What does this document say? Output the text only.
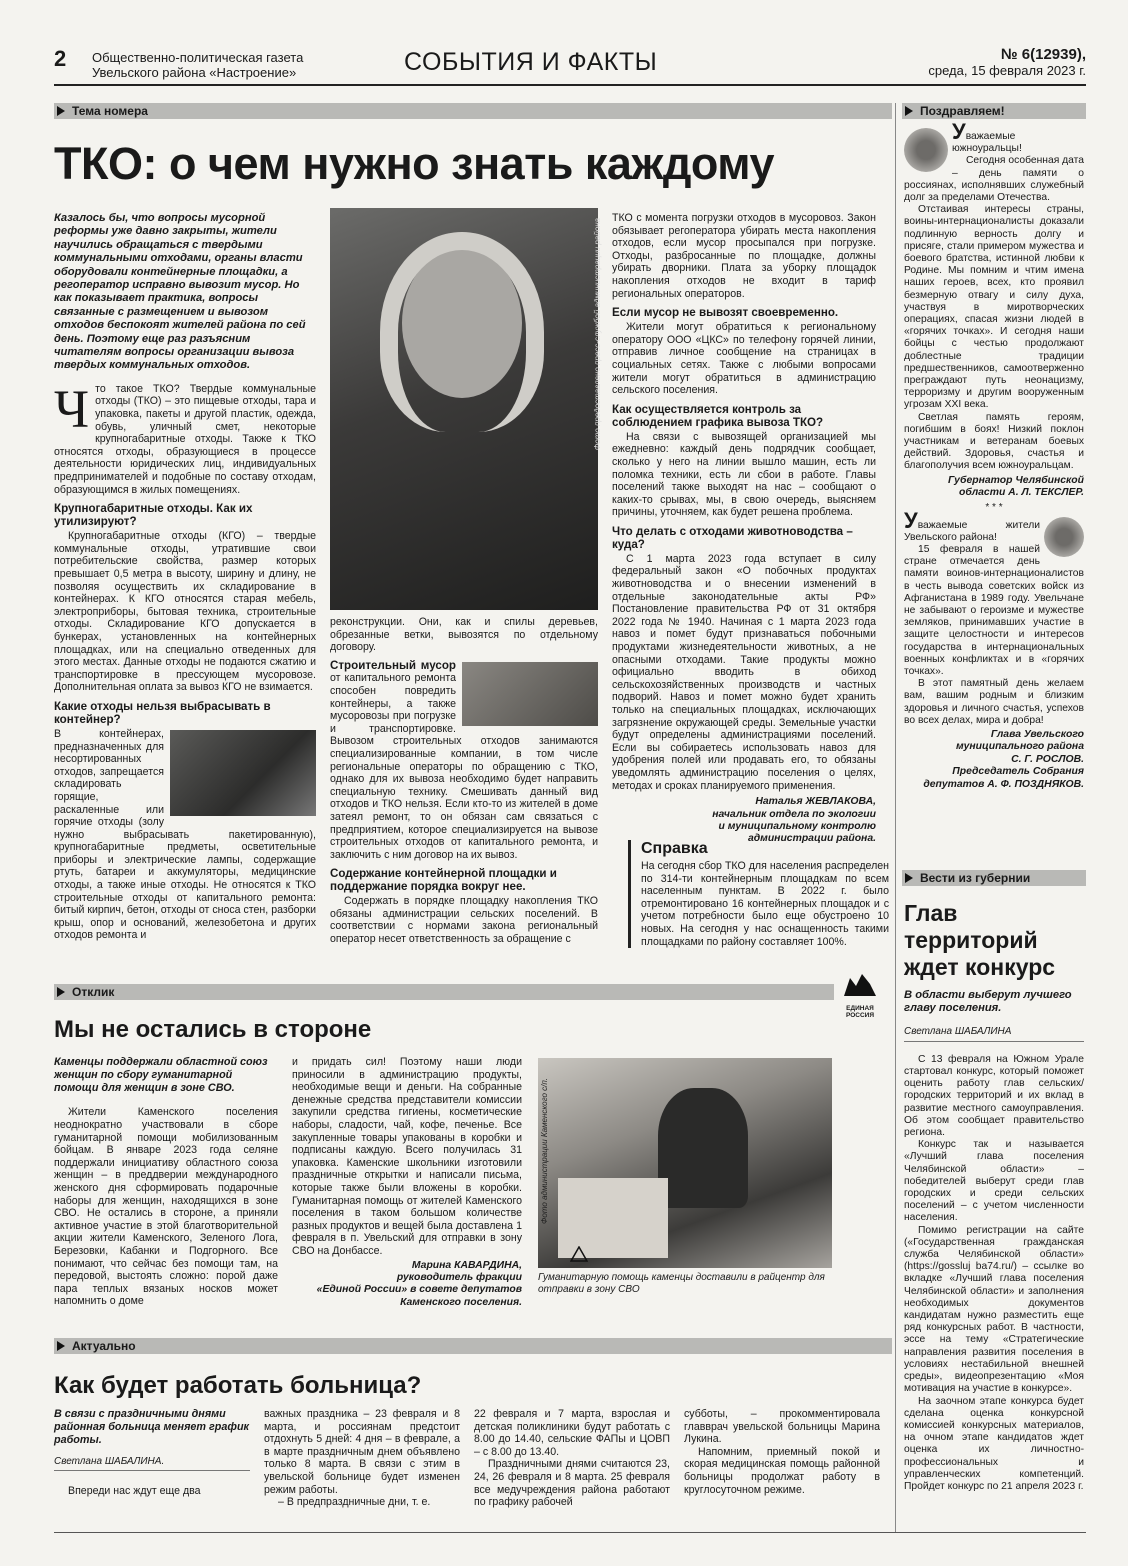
2 Общественно-политическая газета
Увельского района «Настроение»	СОБЫТИЯ И ФАКТЫ	№ 6(12939),
среда, 15 февраля 2023 г.
Тема номера	Поздравляем!
Отклик
Вести из губернии
Актуально
ТКО: о чем нужно знать каждому
Казалось бы, что вопросы мусорной реформы уже давно закрыты, жители научились обращаться с твердыми коммунальными отходами, органы власти оборудовали контейнерные площадки, а регоператор исправно вывозит мусор. Но как показывает практика, вопросы связанные с размещением и вывозом отходов беспокоят жителей района по сей день. Поэтому еще раз разъясним читателям вопросы организации вывоза твердых коммунальных отходов.
Ч то такое ТКО? Твердые коммунальные отходы (ТКО) – это пищевые отходы, тара и упаковка, пакеты и другой пластик, одежда, обувь, уличный смет, некоторые крупногабаритные отходы. Также к ТКО относятся отходы, образующиеся в процессе деятельности юридических лиц, индивидуальных предпринимателей и подобные по составу отходам, образующимся в жилых помещениях.
Крупногабаритные отходы. Как их утилизируют?

Крупногабаритные отходы (КГО) – твердые коммунальные отходы, утратившие свои потребительские свойства, размер которых превышает 0,5 метра в высоту, ширину и длину, не позволяя осуществить их складирование в контейнерах. К КГО относятся старая мебель, электроприборы, бытовая техника, строительные отходы. Складирование КГО допускается в бункерах, установленных на контейнерных площадках, или на специально отведенных для этого местах. Данные отходы не подаются сжатию и транспортировке в прессующем мусоровозе. Дополнительная оплата за вывоз КГО не взимается.

Какие отходы нельзя выбрасывать в контейнер?
В контейнерах, предназначенных для несортированных отходов, запрещается складировать горящие, раскаленные или горячие отходы (золу нужно выбрасывать пакетированную), крупногабаритные предметы, осветительные приборы и электрические лампы, содержащие ртуть, батареи и аккумуляторы, медицинские отходы, а также иные отходы. Не относятся к ТКО строительные отходы от капитального ремонта: битый кирпич, бетон, отходы от сноса стен, разборки крыш, опор и оснований, железобетона и других отходов ремонта и
Фото предоставлено пресс-службой администрации района
реконструкции. Они, как и спилы деревьев, обрезанные ветки, вывозятся по отдельному договору.
Строительный мусор от капитального ремонта способен повредить контейнеры, а также мусоровозы при погрузке и транспортировке. Вывозом строительных отходов занимаются специализированные компании, в том числе региональные операторы по обращению с ТКО, однако для их вывоза необходимо будет направить специальную технику. Смешивать данный вид отходов и ТКО нельзя. Если кто-то из жителей в доме затеял ремонт, то он обязан сам связаться с предприятием, которое специализируется на вывозе строительных отходов от капитального ремонта, и заключить с ним договор на их вывоз.
Содержание контейнерной площадки и поддержание порядка вокруг нее.

Содержать в порядке площадку накопления ТКО обязаны администрации сельских поселений. В соответствии с нормами закона региональный оператор несет ответственность за обращение с

ТКО с момента погрузки отходов в мусоровоз. Закон обязывает регоператора убирать места накопления отходов, если мусор просыпался при погрузке. Отходы, разбросанные по площадке, должны убирать дворники. Плата за уборку площадок накопления отходов не входит в тариф региональных операторов.
Если мусор не вывозят своевременно.

Жители могут обратиться к региональному оператору ООО «ЦКС» по телефону горячей линии, отправив личное сообщение на страницах в социальных сетях. Также с любыми вопросами жители могут обратиться в администрацию сельского поселения.

Как осуществляется контроль за соблюдением графика вывоза ТКО?

На связи с вывозящей организацией мы ежедневно: каждый день подрядчик сообщает, сколько у него на линии вышло машин, есть ли поломка техники, есть ли сбои в работе. Главы поселений также выходят на нас – сообщают о каких-то срывах, мы, в свою очередь, выясняем причины, уточняем, как будет решена проблема.

Что делать с отходами животноводства – куда?

С 1 марта 2023 года вступает в силу федеральный закон «О побочных продуктах животноводства и о внесении изменений в отдельные законодательные акты РФ» Постановление правительства РФ от 31 октября 2022 года № 1940. Начиная с 1 марта 2023 года навоз и помет будут признаваться побочными продуктами жизнедеятельности животных, а не опасными отходами. Такие продукты можно официально вводить в обиход сельскохозяйственных производств и частных подворий. Навоз и помет можно будет хранить только на специальных площадках, исключающих загрязнение окружающей среды. Земельные участки будут определены администрациями поселений. Если вы собираетесь использовать навоз для удобрения полей или продавать его, то обязаны уведомлять администрацию поселения о целях, методах и сроках планируемого применения.

Наталья ЖЕВЛАКОВА,
начальник отдела по экологии
и муниципальному контролю
администрации района.
Справка
На сегодня сбор ТКО для населения распределен по 314-ти контейнерным площадкам по всем населенным пунктам. В 2022 г. было отремонтировано 16 контейнерных площадок и с учетом потребности было еще обустроено 10 новых. На сегодня у нас оснащенность такими площадками по району составляет 100%.
Уважаемые южноуральцы!

Сегодня особенная дата – день памяти о россиянах, исполнявших служебный долг за пределами Отечества.

Отстаивая интересы страны, воины-интернационалисты доказали подлинную верность долгу и присяге, стали примером мужества и боевого братства, истинной любви к Родине. Мы помним и чтим имена наших героев, всех, кто проявил безмерную отвагу и силу духа, участвуя в миротворческих операциях, спасая жизни людей в «горячих точках». И сегодня наши бойцы с честью продолжают доблестные традиции предшественников, самоотверженно преграждают путь неонацизму, терроризму и другим вооруженным угрозам XXI века.

Светлая память героям, погибшим в боях! Низкий поклон участникам и ветеранам боевых действий. Здоровья, счастья и благополучия всем южноуральцам.

Губернатор Челябинской
области А. Л. ТЕКСЛЕР.
* * *
Уважаемые жители Увельского района!

15 февраля в нашей стране отмечается день памяти воинов-интернационалистов в честь вывода советских войск из Афганистана в 1989 году. Увельчане не забывают о героизме и мужестве земляков, принимавших участие в защите целостности и интересов государства в интернациональных военных конфликтах и в «горячих точках».

В этот памятный день желаем вам, вашим родным и близким здоровья и личного счастья, успехов во всех делах, мира и добра!

Глава Увельского
муниципального района
С. Г. РОСЛОВ.
Председатель Собрания
депутатов А. Ф. ПОЗДНЯКОВ.
Глав территорий ждет конкурс
В области выберут лучшего главу поселения.
Светлана ШАБАЛИНА

С 13 февраля на Южном Урале стартовал конкурс, который поможет оценить работу глав сельских/городских территорий и их вклад в развитие местного самоуправления. Об этом сообщает правительство региона.

Конкурс так и называется «Лучший глава поселения Челябинской области» – победителей выберут среди глав городских и среди сельских поселений – с учетом численности населения.

Помимо регистрации на сайте («Государственная гражданская служба Челябинской области» (https://gossluj ba74.ru/) – ссылке во вкладке «Лучший глава поселения Челябинской области» и заполнения необходимых документов кандидатам нужно разместить еще ряд конкурсных работ. В частности, эссе на тему «Стратегические направления развития поселения в условиях нестабильной внешней среды», видеопрезентацию «Моя мотивация на участие в конкурсе».

На заочном этапе конкурса будет сделана оценка конкурсной комиссией конкурсных материалов, на очном этапе кандидатов ждет оценка их личностно-профессиональных и управленческих компетенций. Пройдет конкурс по 21 апреля 2023 г.

ЕДИНАЯ РОССИЯ
Мы не остались в стороне
Каменцы поддержали областной союз женщин по сбору гуманитарной помощи для женщин в зоне СВО.

Жители Каменского поселения неоднократно участвовали в сборе гуманитарной помощи мобилизованным бойцам. В январе 2023 года селяне поддержали инициативу областного союза женщин – в преддверии международного женского дня сформировать подарочные наборы для женщин, находящихся в зоне СВО. Не остались в стороне, а приняли активное участие в этой благотворительной акции жители Каменского, Зеленого Лога, Березовки, Кабанки и Подгорного. Все понимают, что сейчас без помощи там, на передовой, выстоять сложно: порой даже пара теплых вязаных носков может напомнить о доме

и придать сил! Поэтому наши люди приносили в администрацию продукты, необходимые вещи и деньги. На собранные денежные средства представители комиссии закупили средства гигиены, косметические наборы, сладости, чай, кофе, печенье. Все закупленные товары упакованы в коробки и подписаны каждую. Всего получилась 31 упаковка. Каменские школьники изготовили праздничные открытки и написали письма, которые также были вложены в коробки. Гуманитарная помощь от жителей Каменского поселения в таком большом количестве разных продуктов и вещей была доставлена 1 февраля в п. Увельский для отправки в зону СВО на Донбассе.
Марина КАВАРДИНА,
руководитель фракции
«Единой России» в совете депутатов
Каменского поселения.
Фото администрации Каменского с/п.
Гуманитарную помощь каменцы доставили в райцентр для отправки в зону СВО
Как будет работать больница?
В связи с праздничными днями районная больница меняет график работы.
Светлана ШАБАЛИНА.

Впереди нас ждут еще два

важных праздника – 23 февраля и 8 марта, и россиянам предстоит отдохнуть 5 дней: 4 дня – в феврале, а в марте праздничным днем объявлено только 8 марта. В связи с этим в увельской больнице будет изменен режим работы.

– В предпраздничные дни, т. е.

22 февраля и 7 марта, взрослая и детская поликлиники будут работать с 8.00 до 14.40, сельские ФАПы и ЦОВП – с 8.00 до 13.40.

Праздничными днями считаются 23, 24, 26 февраля и 8 марта. 25 февраля все медучреждения района работают по графику рабочей

субботы, – прокомментировала главврач увельской больницы Марина Лукина.

Напомним, приемный покой и скорая медицинская помощь районной больницы продолжат работу в круглосуточном режиме.
